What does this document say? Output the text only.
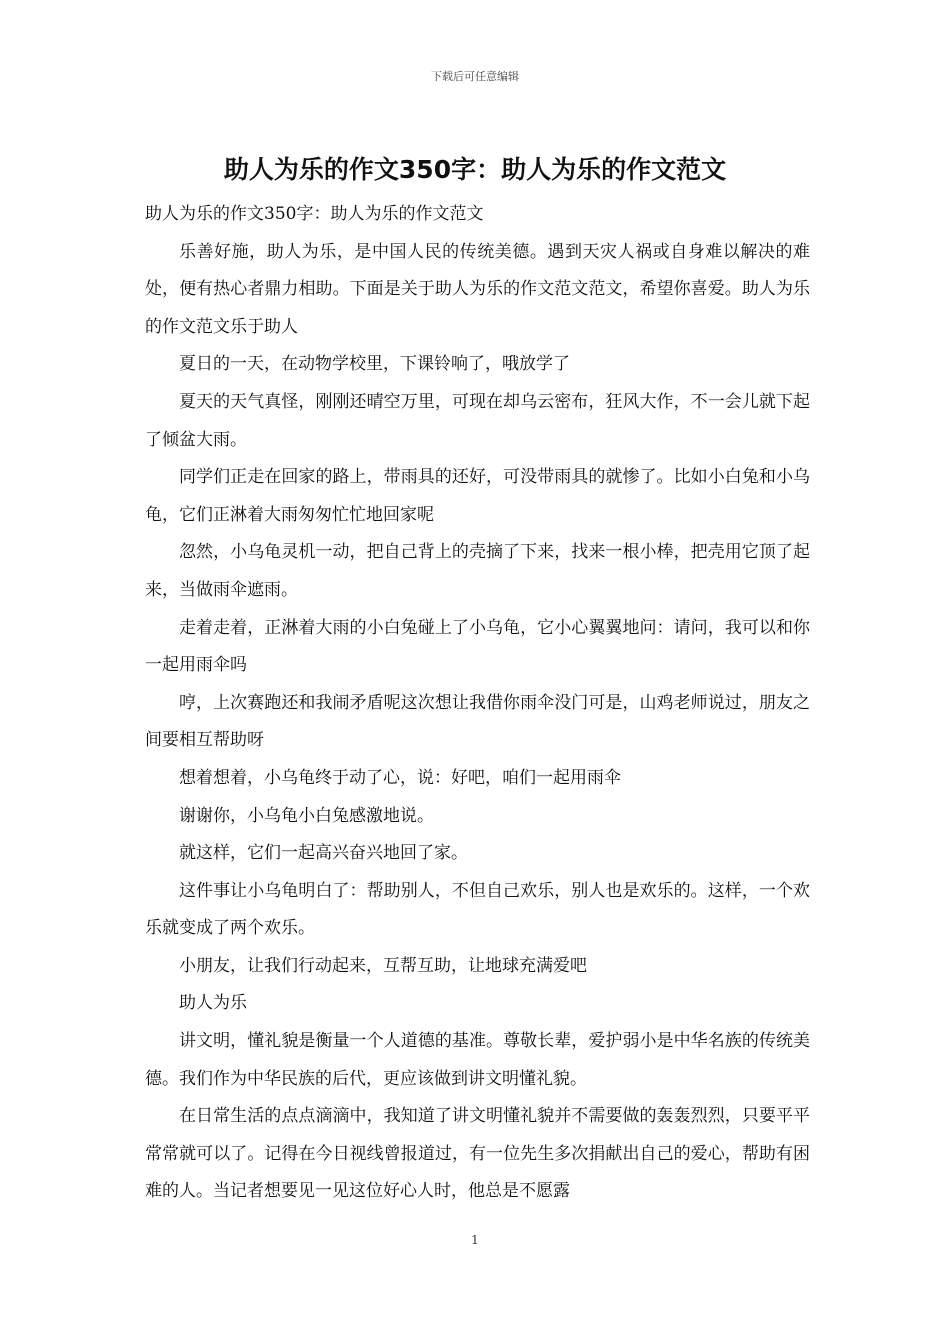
下载后可任意编辑
助人为乐的作文350字：助人为乐的作文范文

助人为乐的作文350字：助人为乐的作文范文

乐善好施，助人为乐，是中国人民的传统美德。遇到天灾人祸或自身难以解决的难处，便有热心者鼎力相助。下面是关于助人为乐的作文范文范文，希望你喜爱。助人为乐的作文范文乐于助人

夏日的一天，在动物学校里，下课铃响了，哦放学了

夏天的天气真怪，刚刚还晴空万里，可现在却乌云密布，狂风大作，不一会儿就下起了倾盆大雨。

同学们正走在回家的路上，带雨具的还好，可没带雨具的就惨了。比如小白兔和小乌龟，它们正淋着大雨匆匆忙忙地回家呢

忽然，小乌龟灵机一动，把自己背上的壳摘了下来，找来一根小棒，把壳用它顶了起来，当做雨伞遮雨。

走着走着，正淋着大雨的小白兔碰上了小乌龟，它小心翼翼地问：请问，我可以和你一起用雨伞吗

哼，上次赛跑还和我闹矛盾呢这次想让我借你雨伞没门可是，山鸡老师说过，朋友之间要相互帮助呀

想着想着，小乌龟终于动了心，说：好吧，咱们一起用雨伞

谢谢你，小乌龟小白兔感激地说。

就这样，它们一起高兴奋兴地回了家。

这件事让小乌龟明白了：帮助别人，不但自己欢乐，别人也是欢乐的。这样，一个欢乐就变成了两个欢乐。

小朋友，让我们行动起来，互帮互助，让地球充满爱吧

助人为乐

讲文明，懂礼貌是衡量一个人道德的基准。尊敬长辈，爱护弱小是中华名族的传统美德。我们作为中华民族的后代，更应该做到讲文明懂礼貌。

在日常生活的点点滴滴中，我知道了讲文明懂礼貌并不需要做的轰轰烈烈，只要平平常常就可以了。记得在今日视线曾报道过，有一位先生多次捐献出自己的爱心，帮助有困难的人。当记者想要见一见这位好心人时，他总是不愿露

1
